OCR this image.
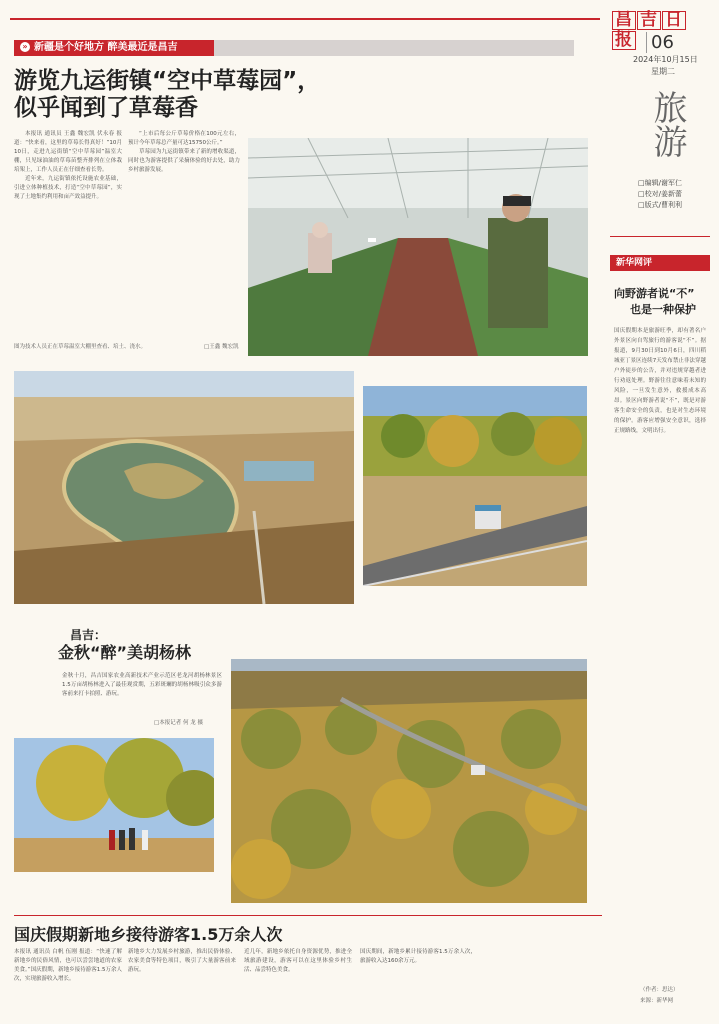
昌 吉 日报	06
2024年10月15日
星期二
旅游
□编辑/谢军仁
□校对/姜新蕾
□版式/曹利利
» 新疆是个好地方 醉美最近是昌吉
游览九运街镇“空中草莓园”，
似乎闻到了草莓香

本报讯 通讯员 王鑫 魏宏凯 伏永春 报道：“快来看，这里的草莓长得真好！”10月10日，走进九运街镇“空中草莓园”温室大棚，只见绿油油的草莓苗整齐排列在立体栽培架上，工作人员正在仔细查看长势。

近年来，九运街镇依托设施农业基础，引进立体种植技术，打造“空中草莓园”，实现了土地集约利用和亩产效益提升。

“上市后每公斤草莓价格在100元左右，预计今年草莓总产量可达15750公斤。”

草莓园为九运街镇带来了新的增收渠道，同时也为游客提供了采摘体验的好去处，助力乡村旅游发展。

图为技术人员正在草莓温室大棚里查看、培土、浇水。	□王鑫 魏宏凯
昌吉：
金秋“醉”美胡杨林
金秋十月，昌吉国家农业高新技术产业示范区老龙河胡杨林景区1.5万亩胡杨林进入了最佳观赏期，五彩斑斓的胡杨林吸引众多游客前来打卡拍照、游玩。
□本报记者 何 龙 摄
国庆假期新地乡接待游客1.5万余人次
本报讯 通讯员 白帆 伍刚 报道：“快速了解新地乡的民俗风情，也可以尝尝地道的农家美食。”国庆假期，新地乡接待游客1.5万余人次，实现旅游收入增长。
新地乡大力发展乡村旅游，推出民俗体验、农家美食等特色项目，吸引了大量游客前来游玩。
近几年，新地乡依托自身资源优势，推进全域旅游建设，游客可以在这里体验乡村生活、品尝特色美食。
国庆期间，新地乡累计接待游客1.5万余人次，旅游收入达160余万元。
新华网评
向野游者说“不”
也是一种保护
国庆假期本是旅游旺季，却有著名户外景区向自驾旅行的游客说“不”。据报道，9月30日到10月6日，四川稻城亚丁景区连续7天发布禁止非法穿越户外徒步的公告，并对违规穿越者进行劝返处理。野游往往意味着未知的风险，一旦发生意外，救援成本高昂。景区向野游者说“不”，既是对游客生命安全的负责，也是对生态环境的保护。游客应增强安全意识，选择正规路线，文明出行。
（作者：思达）
来源：新华网
